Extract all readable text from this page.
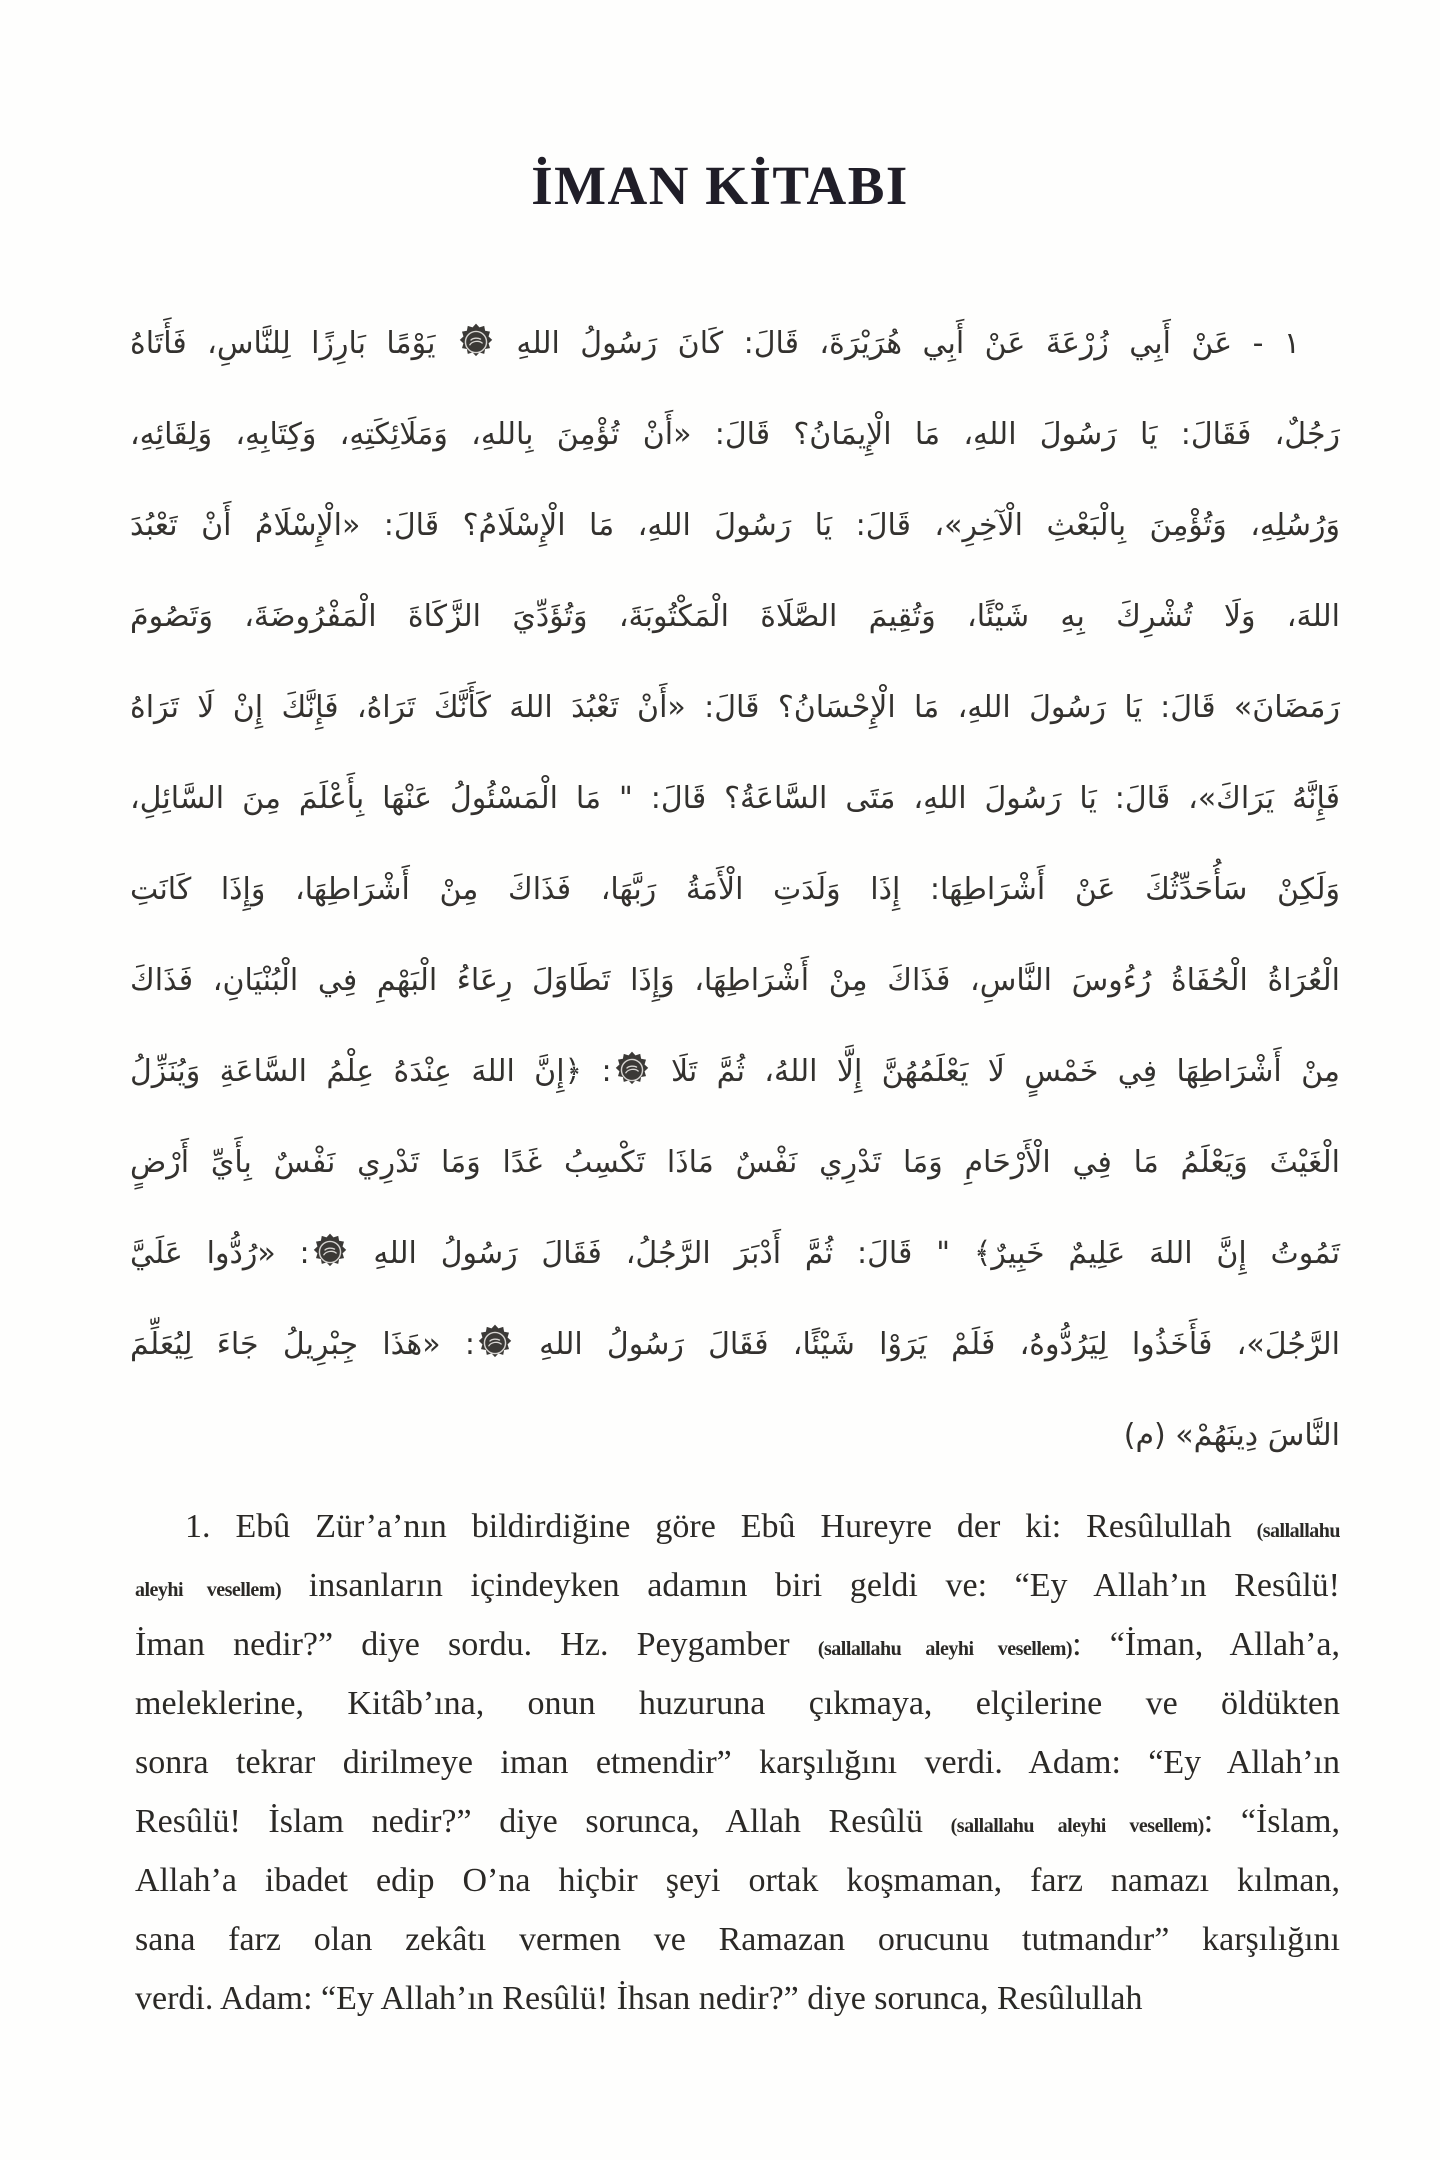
İMAN KİTABI
١ - عَنْ أَبِي زُرْعَةَ عَنْ أَبِي هُرَيْرَةَ، قَالَ: كَانَ رَسُولُ اللهِ
يَوْمًا بَارِزًا لِلنَّاسِ، فَأَتَاهُ
رَجُلٌ، فَقَالَ: يَا رَسُولَ اللهِ، مَا الْإِيمَانُ؟ قَالَ: «أَنْ تُؤْمِنَ بِاللهِ، وَمَلَائِكَتِهِ، وَكِتَابِهِ، وَلِقَائِهِ،
وَرُسُلِهِ، وَتُؤْمِنَ بِالْبَعْثِ الْآخِرِ»، قَالَ: يَا رَسُولَ اللهِ، مَا الْإِسْلَامُ؟ قَالَ: «الْإِسْلَامُ أَنْ تَعْبُدَ
اللهَ، وَلَا تُشْرِكَ بِهِ شَيْئًا، وَتُقِيمَ الصَّلَاةَ الْمَكْتُوبَةَ، وَتُؤَدِّيَ الزَّكَاةَ الْمَفْرُوضَةَ، وَتَصُومَ
رَمَضَانَ» قَالَ: يَا رَسُولَ اللهِ، مَا الْإِحْسَانُ؟ قَالَ: «أَنْ تَعْبُدَ اللهَ كَأَنَّكَ تَرَاهُ، فَإِنَّكَ إِنْ لَا تَرَاهُ
فَإِنَّهُ يَرَاكَ»، قَالَ: يَا رَسُولَ اللهِ، مَتَى السَّاعَةُ؟ قَالَ: " مَا الْمَسْئُولُ عَنْهَا بِأَعْلَمَ مِنَ السَّائِلِ،
وَلَكِنْ سَأُحَدِّثُكَ عَنْ أَشْرَاطِهَا: إِذَا وَلَدَتِ الْأَمَةُ رَبَّهَا، فَذَاكَ مِنْ أَشْرَاطِهَا، وَإِذَا كَانَتِ
الْعُرَاةُ الْحُفَاةُ رُءُوسَ النَّاسِ، فَذَاكَ مِنْ أَشْرَاطِهَا، وَإِذَا تَطَاوَلَ رِعَاءُ الْبَهْمِ فِي الْبُنْيَانِ، فَذَاكَ
مِنْ أَشْرَاطِهَا فِي خَمْسٍ لَا يَعْلَمُهُنَّ إِلَّا اللهُ، ثُمَّ تَلَا
: ﴿إِنَّ اللهَ عِنْدَهُ عِلْمُ السَّاعَةِ وَيُنَزِّلُ
الْغَيْثَ وَيَعْلَمُ مَا فِي الْأَرْحَامِ وَمَا تَدْرِي نَفْسٌ مَاذَا تَكْسِبُ غَدًا وَمَا تَدْرِي نَفْسٌ بِأَيِّ أَرْضٍ
تَمُوتُ إِنَّ اللهَ عَلِيمٌ خَبِيرٌ﴾ " قَالَ: ثُمَّ أَدْبَرَ الرَّجُلُ، فَقَالَ رَسُولُ اللهِ
: «رُدُّوا عَلَيَّ
الرَّجُلَ»، فَأَخَذُوا لِيَرُدُّوهُ، فَلَمْ يَرَوْا شَيْئًا، فَقَالَ رَسُولُ اللهِ
: «هَذَا جِبْرِيلُ جَاءَ لِيُعَلِّمَ
النَّاسَ دِينَهُمْ» (م)
1. Ebû Zür’a’nın bildirdiğine göre Ebû Hureyre der ki: Resûlullah (sallallahu
aleyhi vesellem) insanların içindeyken adamın biri geldi ve: “Ey Allah’ın Resûlü!
İman nedir?” diye sordu. Hz. Peygamber (sallallahu aleyhi vesellem): “İman, Allah’a,
meleklerine, Kitâb’ına, onun huzuruna çıkmaya, elçilerine ve öldükten
sonra tekrar dirilmeye iman etmendir” karşılığını verdi. Adam: “Ey Allah’ın
Resûlü! İslam nedir?” diye sorunca, Allah Resûlü (sallallahu aleyhi vesellem): “İslam,
Allah’a ibadet edip O’na hiçbir şeyi ortak koşmaman, farz namazı kılman,
sana farz olan zekâtı vermen ve Ramazan orucunu tutmandır” karşılığını
verdi. Adam: “Ey Allah’ın Resûlü! İhsan nedir?” diye sorunca, Resûlullah
